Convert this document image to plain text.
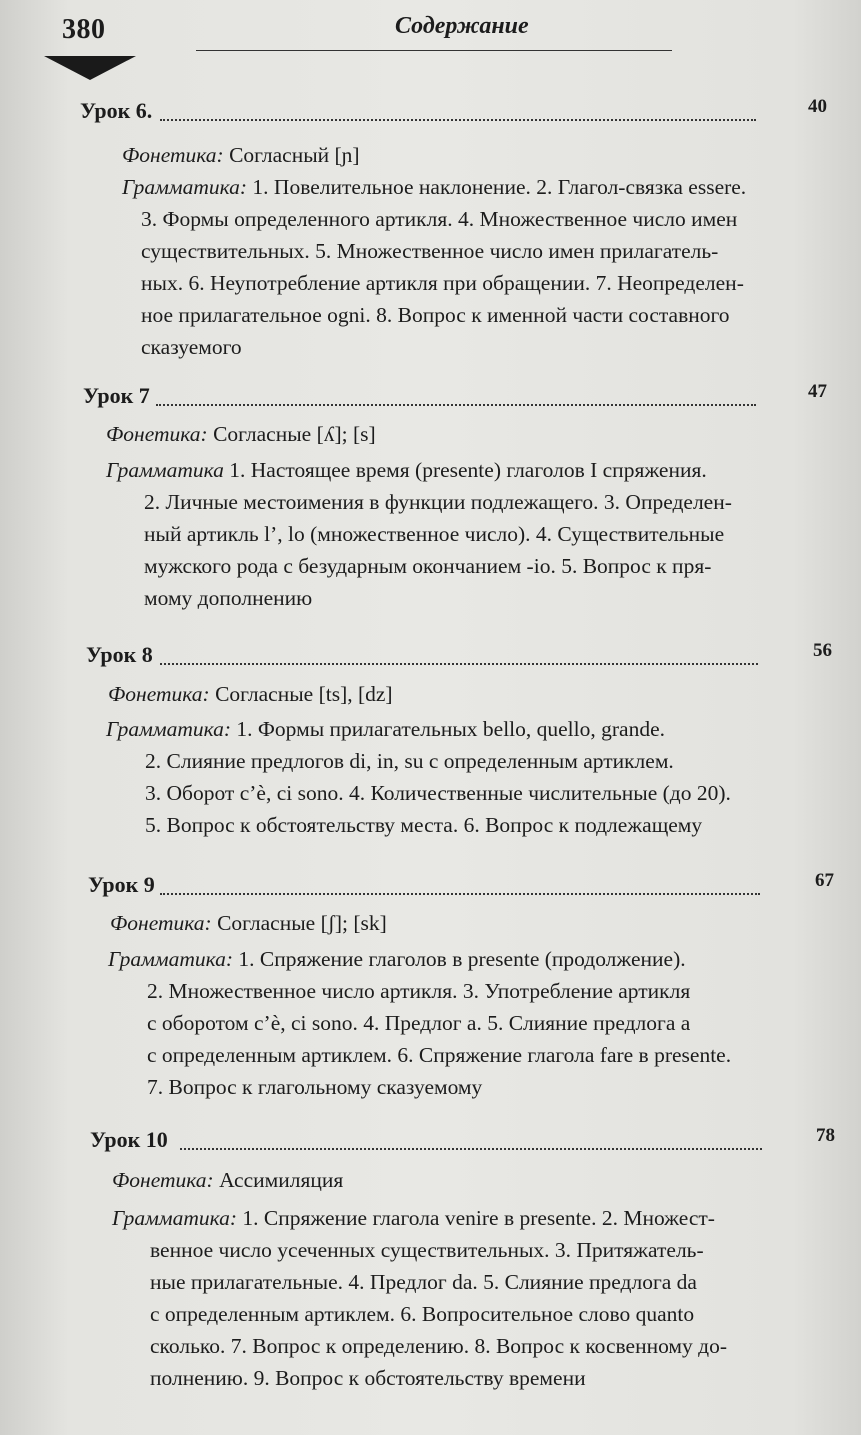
380	Содержание
Урок 6.	40
Фонетика: Согласный [ɲ]
Грамматика: 1. Повелительное наклонение. 2. Глагол-связка essere.
3. Формы определенного артикля. 4. Множественное число имен
существительных. 5. Множественное число имен прилагатель-
ных. 6. Неупотребление артикля при обращении. 7. Неопределен-
ное прилагательное ogni. 8. Вопрос к именной части составного
сказуемого
Урок 7	47
Фонетика: Согласные [ʎ]; [s]
Грамматика 1. Настоящее время (presente) глаголов I спряжения.
2. Личные местоимения в функции подлежащего. 3. Определен-
ный артикль l’, lo (множественное число). 4. Существительные
мужского рода с безударным окончанием -io. 5. Вопрос к пря-
мому дополнению
Урок 8	56
Фонетика: Согласные [ts], [dz]
Грамматика: 1. Формы прилагательных bello, quello, grande.
2. Слияние предлогов di, in, su с определенным артиклем.
3. Оборот c’è, ci sono. 4. Количественные числительные (до 20).
5. Вопрос к обстоятельству места. 6. Вопрос к подлежащему
Урок 9	67
Фонетика: Согласные [ʃ]; [sk]
Грамматика: 1. Спряжение глаголов в presente (продолжение).
2. Множественное число артикля. 3. Употребление артикля
с оборотом c’è, ci sono. 4. Предлог a. 5. Слияние предлога a
с определенным артиклем. 6. Спряжение глагола fare в presente.
7. Вопрос к глагольному сказуемому
Урок 10	78
Фонетика: Ассимиляция
Грамматика: 1. Спряжение глагола venire в presente. 2. Множест-
венное число усеченных существительных. 3. Притяжатель-
ные прилагательные. 4. Предлог da. 5. Слияние предлога da
с определенным артиклем. 6. Вопросительное слово quanto
сколько. 7. Вопрос к определению. 8. Вопрос к косвенному до-
полнению. 9. Вопрос к обстоятельству времени
